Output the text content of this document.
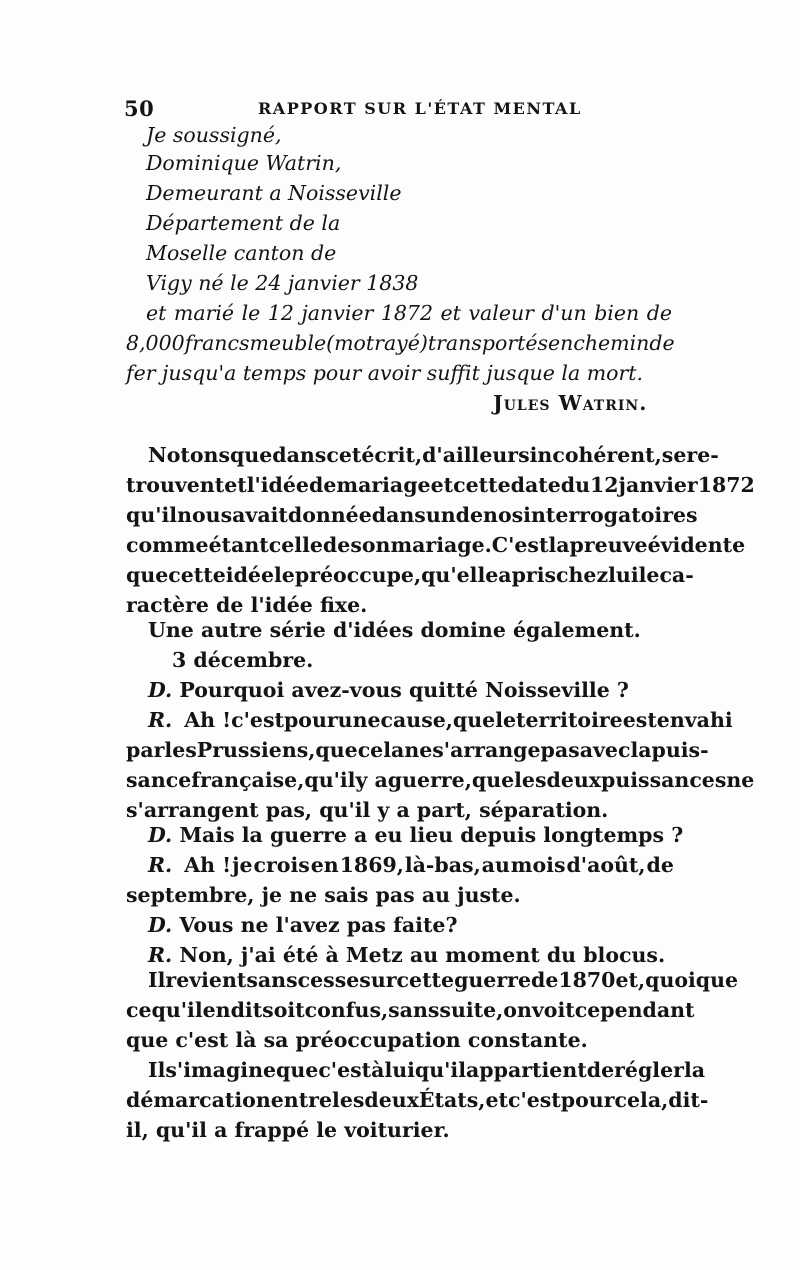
50	RAPPORT SUR L'ÉTAT MENTAL
Je soussigné,
Dominique Watrin,
Demeurant a Noisseville
Département de la
Moselle canton de
Vigy né le 24 janvier 1838
et marié le 12 janvier 1872 et valeur d'un bien de
8,000 francs meuble (mot rayé) transportés en chemin de
fer jusqu'a temps pour avoir suffit jusque la mort.
Jules Watrin.
Notons que dans cet écrit, d'ailleurs incohérent, se re-
trouvent et l'idée de mariage et cette date du 12janvier 1872
qu'il nous avait donnée dans un de nos interrogatoires
comme étant celle de son mariage. C'est la preuve évidente
que cette idée le préoccupe, qu'elle a pris chez lui le ca-
ractère de l'idée fixe.
Une autre série d'idées domine également.
3 décembre.
D. Pourquoi avez-vous quitté Noisseville ?
R. Ah ! c'est pour une cause, que le territoire est envahi
par les Prussiens, que cela ne s'arrange pas avec la puis-
sance française, qu'il y a guerre, que les deux puissances ne
s'arrangent pas, qu'il y a part, séparation.
D. Mais la guerre a eu lieu depuis longtemps ?
R. Ah ! je crois en 1869, là-bas, au mois d'août, de
septembre, je ne sais pas au juste.
D. Vous ne l'avez pas faite?
R. Non, j'ai été à Metz au moment du blocus.
Il revient sans cesse sur cette guerre de 1870 et, quoique
ce qu'il en dit soit confus, sans suite, on voit cependant
que c'est là sa préoccupation constante.
Il s'imagine que c'est à lui qu'il appartient de régler la
démarcation entre les deux États, et c'est pour cela, dit-
il, qu'il a frappé le voiturier.
